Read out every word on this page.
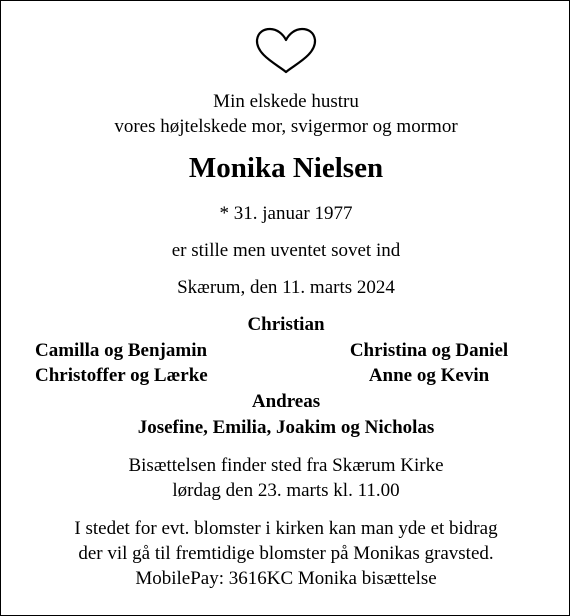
Min elskede hustru
vores højtelskede mor, svigermor og mormor
Monika Nielsen
* 31. januar 1977
er stille men uventet sovet ind
Skærum, den 11. marts 2024
Christian
Camilla og Benjamin	Christina og Daniel
Christoffer og Lærke	Anne og Kevin
Andreas
Josefine, Emilia, Joakim og Nicholas
Bisættelsen finder sted fra Skærum Kirke
lørdag den 23. marts kl. 11.00
I stedet for evt. blomster i kirken kan man yde et bidrag
der vil gå til fremtidige blomster på Monikas gravsted.
MobilePay: 3616KC Monika bisættelse
